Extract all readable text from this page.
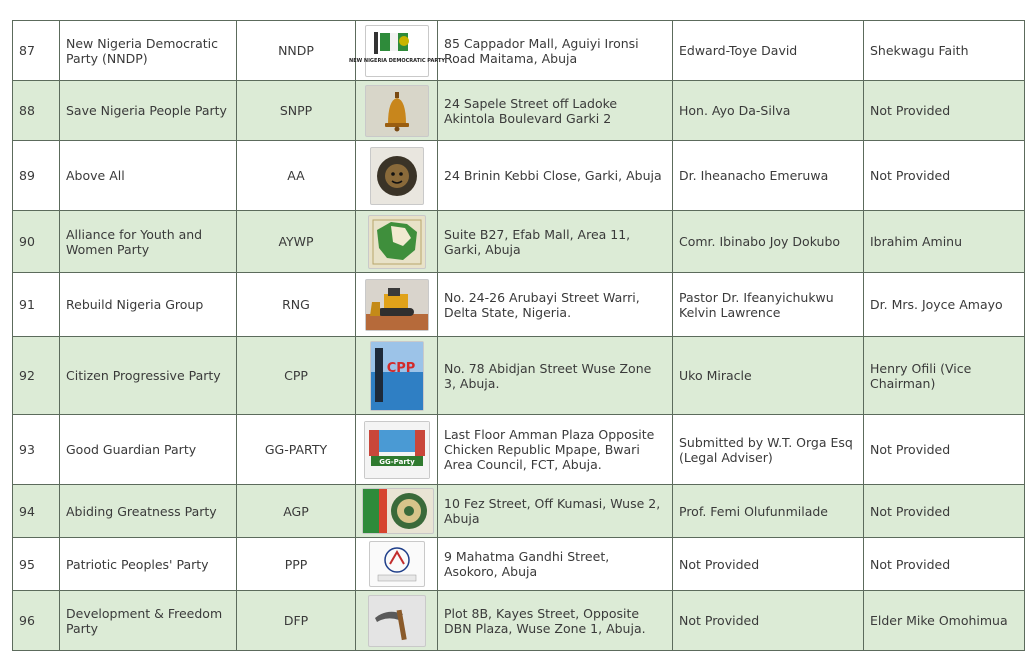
87	New Nigeria Democratic Party (NNDP)	NNDP	NEW NIGERIA DEMOCRATIC PARTY	85 Cappador Mall, Aguiyi Ironsi Road Maitama, Abuja	Edward-Toye David	Shekwagu Faith
88	Save Nigeria People Party	SNPP		24 Sapele Street off Ladoke Akintola Boulevard Garki 2	Hon. Ayo Da-Silva	Not Provided
89	Above All	AA		24 Brinin Kebbi Close, Garki, Abuja	Dr. Iheanacho Emeruwa	Not Provided
90	Alliance for Youth and Women Party	AYWP		Suite B27, Efab Mall, Area 11, Garki, Abuja	Comr. Ibinabo Joy Dokubo	Ibrahim Aminu
91	Rebuild Nigeria Group	RNG		No. 24-26 Arubayi Street Warri, Delta State, Nigeria.	Pastor Dr. Ifeanyichukwu Kelvin Lawrence	Dr. Mrs. Joyce Amayo
92	Citizen Progressive Party	CPP	CPP	No. 78 Abidjan Street Wuse Zone 3, Abuja.	Uko Miracle	Henry Ofili (Vice Chairman)
93	Good Guardian Party	GG-PARTY	GG-Party	Last Floor Amman Plaza Opposite Chicken Republic Mpape, Bwari Area Council, FCT, Abuja.	Submitted by W.T. Orga Esq (Legal Adviser)	Not Provided
94	Abiding Greatness Party	AGP		10 Fez Street, Off Kumasi, Wuse 2, Abuja	Prof. Femi Olufunmilade	Not Provided
95	Patriotic Peoples' Party	PPP		9 Mahatma Gandhi Street, Asokoro, Abuja	Not Provided	Not Provided
96	Development & Freedom Party	DFP		Plot 8B, Kayes Street, Opposite DBN Plaza, Wuse Zone 1, Abuja.	Not Provided	Elder Mike Omohimua
